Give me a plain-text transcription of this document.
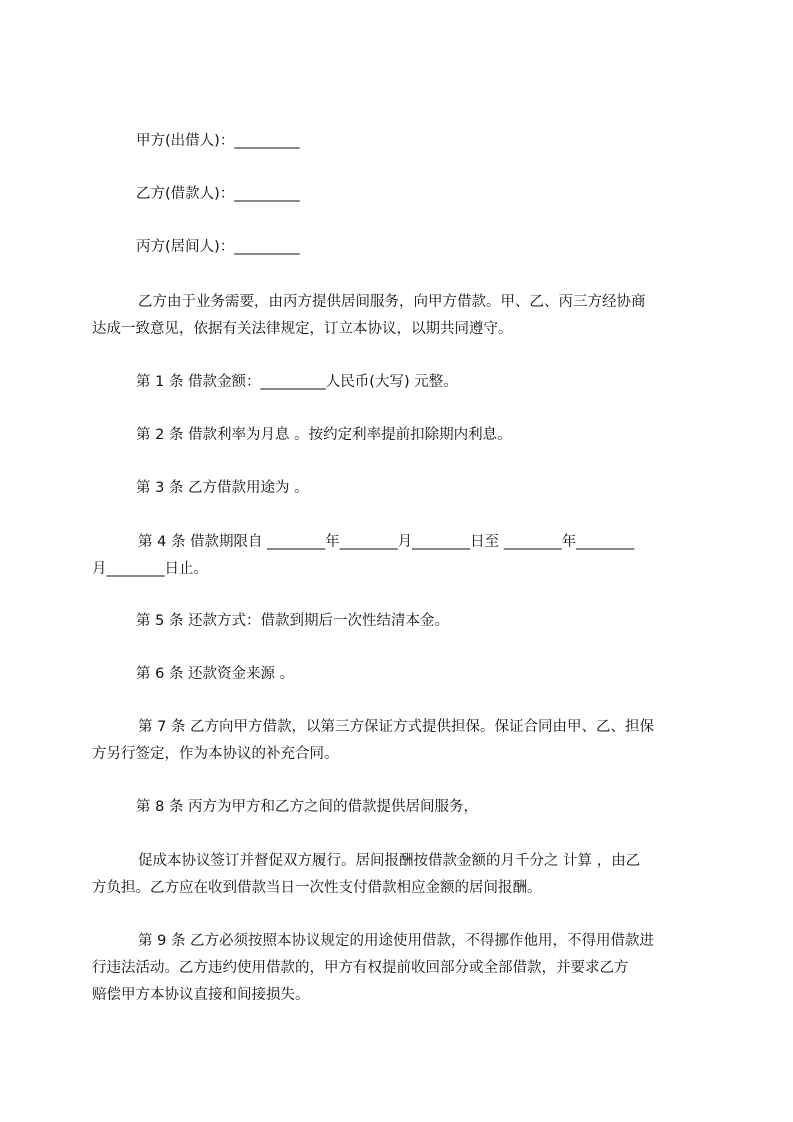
甲方(出借人)：_________
乙方(借款人)：_________
丙方(居间人)：_________
乙方由于业务需要，由丙方提供居间服务，向甲方借款。甲、乙、丙三方经协商
达成一致意见，依据有关法律规定，订立本协议，以期共同遵守。
第 1 条 借款金额：_________人民币(大写) 元整。
第 2 条 借款利率为月息 。按约定利率提前扣除期内利息。
第 3 条 乙方借款用途为 。
第 4 条 借款期限自 ________年________月________日至 ________年________
月________日止。
第 5 条 还款方式：借款到期后一次性结清本金。
第 6 条 还款资金来源 。
第 7 条 乙方向甲方借款，以第三方保证方式提供担保。保证合同由甲、乙、担保
方另行签定，作为本协议的补充合同。
第 8 条 丙方为甲方和乙方之间的借款提供居间服务，
促成本协议签订并督促双方履行。居间报酬按借款金额的月千分之 计算 ，由乙
方负担。乙方应在收到借款当日一次性支付借款相应金额的居间报酬。
第 9 条 乙方必须按照本协议规定的用途使用借款，不得挪作他用，不得用借款进
行违法活动。乙方违约使用借款的，甲方有权提前收回部分或全部借款，并要求乙方
赔偿甲方本协议直接和间接损失。
